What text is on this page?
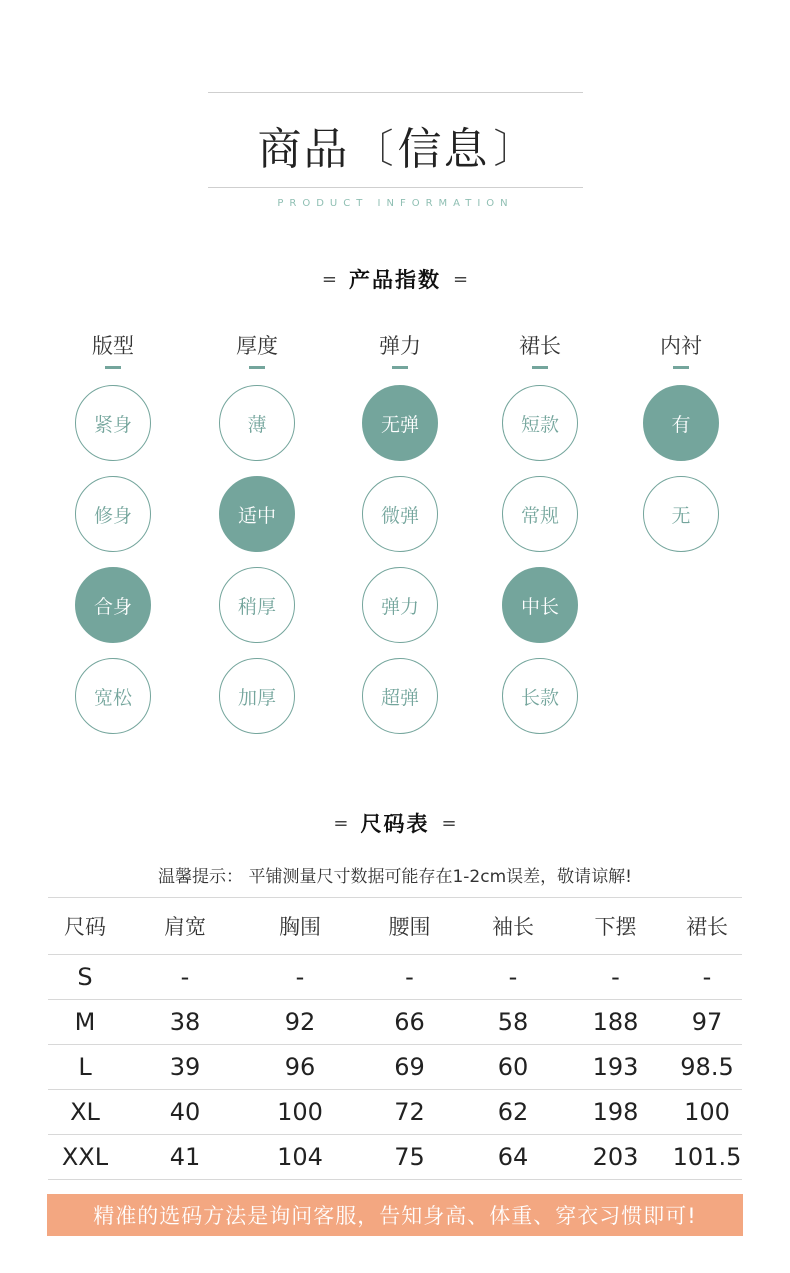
商品 〔 信息 〕
PRODUCT INFORMATION
= 产品指数 =
版型
紧身
修身
合身
宽松
厚度
薄
适中
稍厚
加厚
弹力
无弹
微弹
弹力
超弹
裙长
短款
常规
中长
长款
内衬
有
无
= 尺码表 =
温馨提示： 平铺测量尺寸数据可能存在1-2cm误差，敬请谅解!
尺码	肩宽	胸围	腰围	袖长	下摆	裙长
S	-	-	-	-	-	-
M	38	92	66	58	188	97
L	39	96	69	60	193	98.5
XL	40	100	72	62	198	100
XXL	41	104	75	64	203	101.5
精准的选码方法是询问客服，告知身高、体重、穿衣习惯即可!
